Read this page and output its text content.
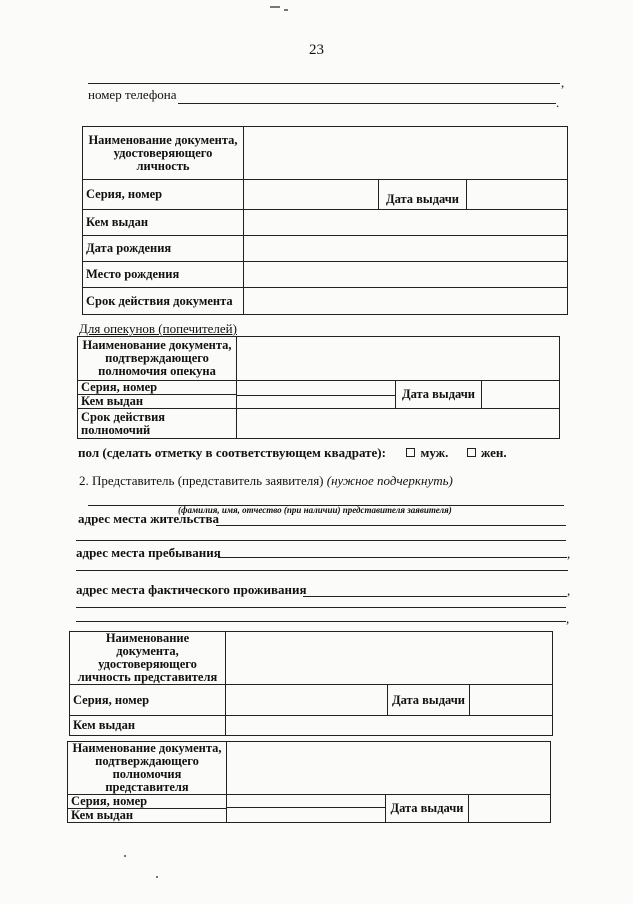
23
,
номер телефона
.
Наименование документа, удостоверяющего личность			
Серия, номер		Дата выдачи	
Кем выдан			
Дата рождения			
Место рождения			
Срок действия документа			
Для опекунов (попечителей)
Наименование документа, подтверждающего полномочия опекуна			
Серия, номер		Дата выдачи	
Кем выдан			
Срок действия полномочий			
пол (сделать отметку в соответствующем квадрате):	муж.	жен.
2. Представитель (представитель заявителя) (нужное подчеркнуть)
(фамилия, имя, отчество (при наличии) представителя заявителя)
адрес места жительства
адрес места пребывания	,
адрес места фактического проживания	,
,
Наименование документа, удостоверяющего личность представителя			
Серия, номер		Дата выдачи	
Кем выдан			
Наименование документа, подтверждающего полномочия представителя			
Серия, номер		Дата выдачи	
Кем выдан			
